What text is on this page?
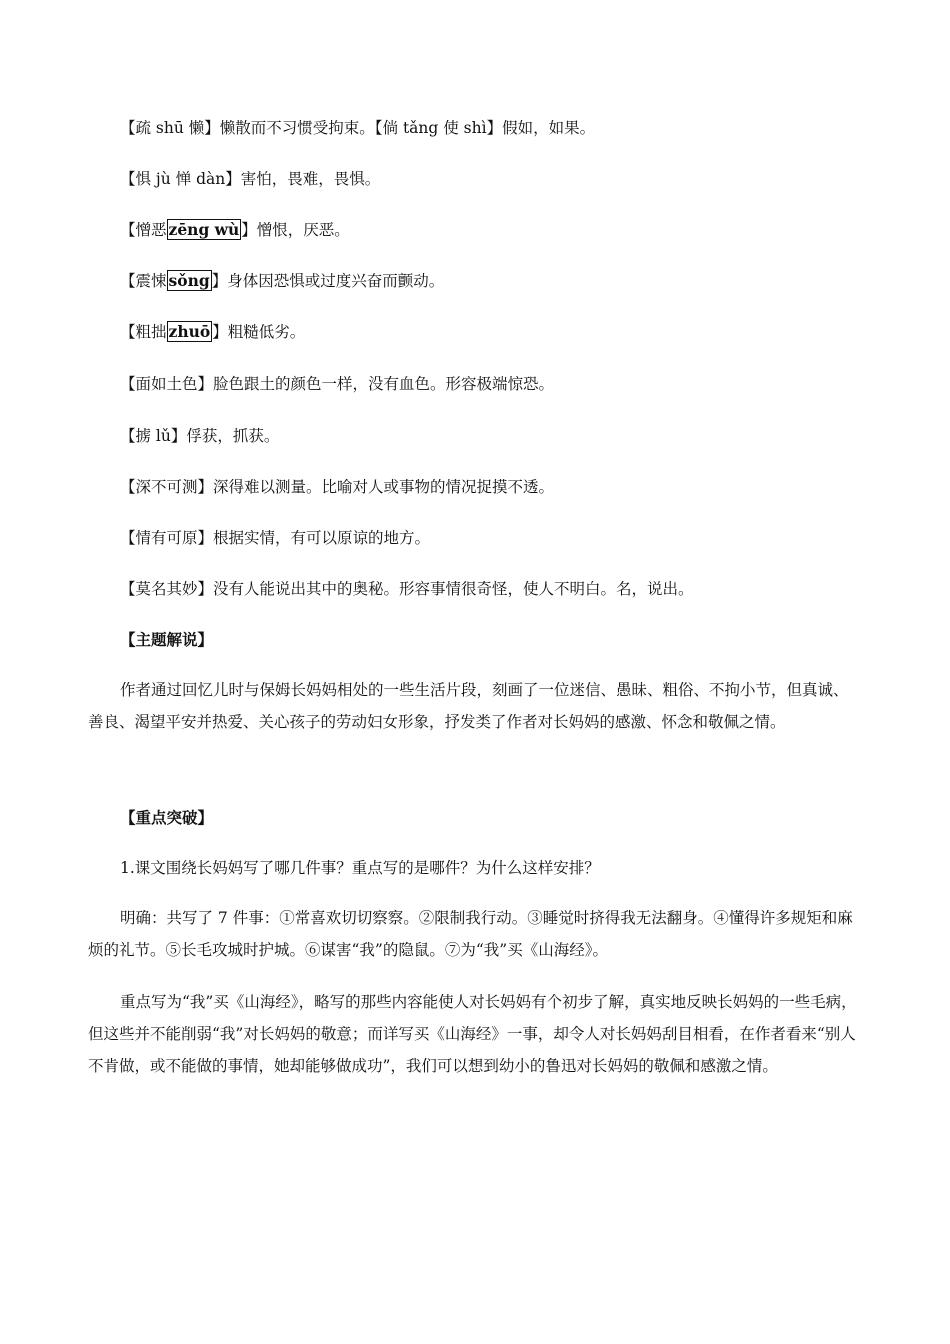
【疏 shū 懒】懒散而不习惯受拘束。【倘 tǎng 使 shì】假如，如果。
【惧 jù 惮 dàn】害怕，畏难，畏惧。
【憎恶 zēng wù 】憎恨，厌恶。
【震悚 sǒng 】身体因恐惧或过度兴奋而颤动。
【粗拙 zhuō 】粗糙低劣。
【面如土色】脸色跟土的颜色一样，没有血色。形容极端惊恐。
【掳 lǔ】俘获，抓获。
【深不可测】深得难以测量。比喻对人或事物的情况捉摸不透。
【情有可原】根据实情，有可以原谅的地方。
【莫名其妙】没有人能说出其中的奥秘。形容事情很奇怪，使人不明白。名，说出。
【主题解说】
作者通过回忆儿时与保姆长妈妈相处的一些生活片段，刻画了一位迷信、愚昧、粗俗、不拘小节，但真诚、善良、渴望平安并热爱、关心孩子的劳动妇女形象，抒发类了作者对长妈妈的感激、怀念和敬佩之情。
【重点突破】
1.课文围绕长妈妈写了哪几件事？重点写的是哪件？为什么这样安排？
明确：共写了 7 件事：①常喜欢切切察察。②限制我行动。③睡觉时挤得我无法翻身。④懂得许多规矩和麻烦的礼节。⑤长毛攻城时护城。⑥谋害“我”的隐鼠。⑦为“我”买《山海经》。
重点写为“我”买《山海经》，略写的那些内容能使人对长妈妈有个初步了解，真实地反映长妈妈的一些毛病，但这些并不能削弱“我”对长妈妈的敬意；而详写买《山海经》一事，却令人对长妈妈刮目相看，在作者看来“别人不肯做，或不能做的事情，她却能够做成功”，我们可以想到幼小的鲁迅对长妈妈的敬佩和感激之情。
